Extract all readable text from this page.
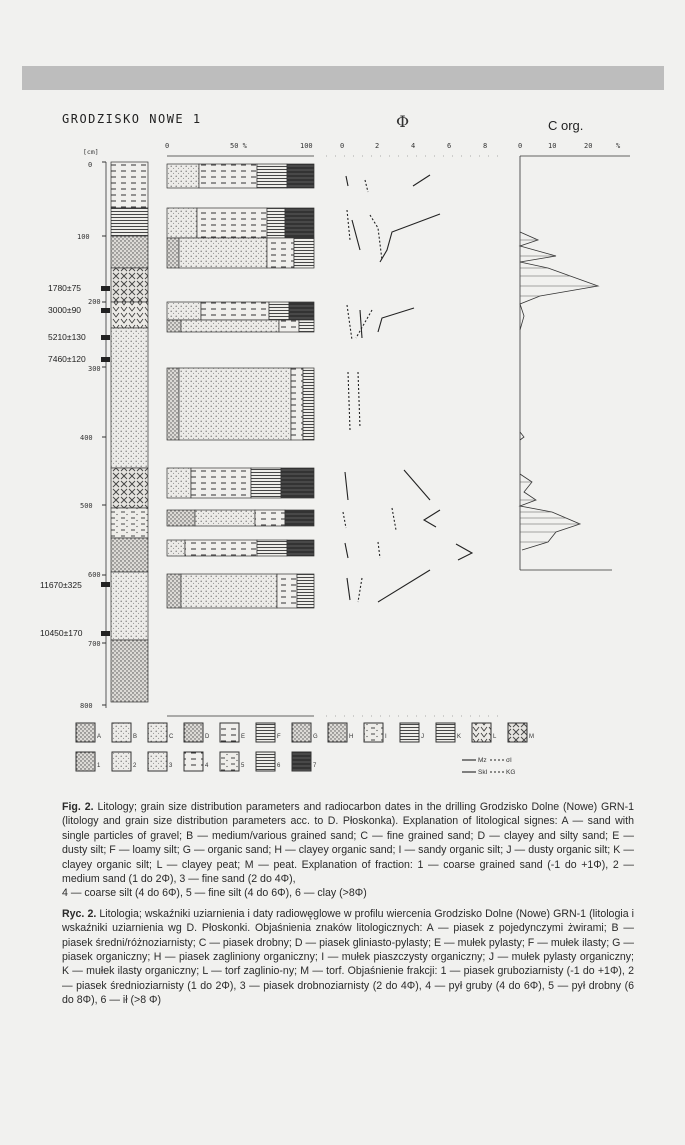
GRODZISKO NOWE 1
[cm]
0
100
200
300
400
500
600
700
800
1780±75
3000±90
5210±130
7460±120
11670±325
10450±170
0	50 %	100
Φ
0	2	4	6	8
C org.
0	10	20	%
A	B	C	D	E	F	G	H	I	J	K	L	M
1	2	3	4	5	6	7
Mz	σI
SkI	KG

Fig. 2. Litology; grain size distribution parameters and radiocarbon dates in the drilling Grodzisko Dolne (Nowe) GRN-1 (litology and grain size distribution parameters acc. to D. Płoskonka). Explanation of litological signes: A — sand with single particles of gravel; B — medium/various grained sand; C — fine grained sand; D — clayey and silty sand; E — dusty silt; F — loamy silt; G — organic sand; H — clayey organic sand; I — sandy organic silt; J — dusty organic silt; K — clayey organic silt; L — clayey peat; M — peat. Explanation of fraction: 1 — coarse grained sand (-1 do +1Φ), 2 — medium sand (1 do 2Φ), 3 — fine sand (2 do 4Φ),

4 — coarse silt (4 do 6Φ), 5 — fine silt (4 do 6Φ), 6 — clay (>8Φ)

Ryc. 2. Litologia; wskaźniki uziarnienia i daty radiowęglowe w profilu wiercenia Grodzisko Dolne (Nowe) GRN-1 (litologia i wskaźniki uziarnienia wg D. Płoskonki. Objaśnienia znaków litologicznych: A — piasek z pojedynczymi żwirami; B — piasek średni/różnoziarnisty; C — piasek drobny; D — piasek gliniasto-pylasty; E — mułek pylasty; F — mułek ilasty; G — piasek organiczny; H — piasek zagliniony organiczny; I — mułek piaszczysty organiczny; J — mułek pylasty organiczny; K — mułek ilasty organiczny; L — torf zaglinio-ny; M — torf. Objaśnienie frakcji: 1 — piasek gruboziarnisty (-1 do +1Φ), 2 — piasek średnioziarnisty (1 do 2Φ), 3 — piasek drobnoziarnisty (2 do 4Φ), 4 — pył gruby (4 do 6Φ), 5 — pył drobny (6 do 8Φ), 6 — ił (>8 Φ)
